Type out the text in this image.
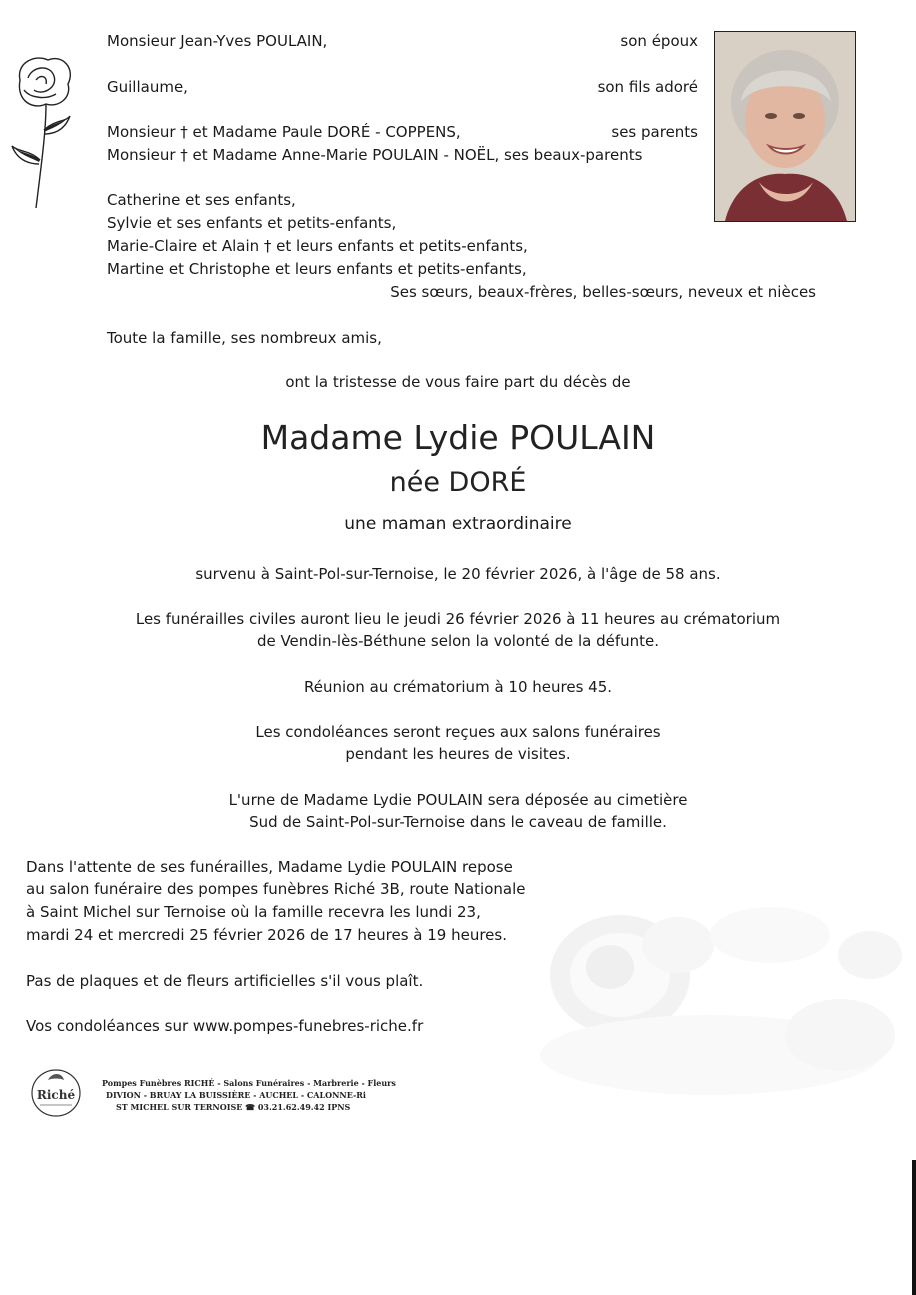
Monsieur Jean-Yves POULAIN,	son époux
Guillaume,	son fils adoré
Monsieur † et Madame Paule DORÉ - COPPENS,	ses parents
Monsieur † et Madame Anne-Marie POULAIN - NOËL, ses beaux-parents
Catherine et ses enfants,
Sylvie et ses enfants et petits-enfants,
Marie-Claire et Alain † et leurs enfants et petits-enfants,
Martine et Christophe et leurs enfants et petits-enfants,
Ses sœurs, beaux-frères, belles-sœurs, neveux et nièces
Toute la famille, ses nombreux amis,
ont la tristesse de vous faire part du décès de
Madame Lydie POULAIN
née DORÉ
une maman extraordinaire
survenu à Saint-Pol-sur-Ternoise, le 20 février 2026, à l'âge de 58 ans.
Les funérailles civiles auront lieu le jeudi 26 février 2026 à 11 heures au crématorium
de Vendin-lès-Béthune selon la volonté de la défunte.
Réunion au crématorium à 10 heures 45.
Les condoléances seront reçues aux salons funéraires
pendant les heures de visites.
L'urne de Madame Lydie POULAIN sera déposée au cimetière
Sud de Saint-Pol-sur-Ternoise dans le caveau de famille.
Dans l'attente de ses funérailles, Madame Lydie POULAIN repose
au salon funéraire des pompes funèbres Riché 3B, route Nationale
à Saint Michel sur Ternoise où la famille recevra les lundi 23,
mardi 24 et mercredi 25 février 2026 de 17 heures à 19 heures.
Pas de plaques et de fleurs artificielles s'il vous plaît.
Vos condoléances sur www.pompes-funebres-riche.fr
Riché
Pompes Funèbres RICHÉ - Salons Funéraires - Marbrerie - Fleurs
DIVION - BRUAY LA BUISSIÈRE - AUCHEL - CALONNE-Ri
ST MICHEL SUR TERNOISE ☎ 03.21.62.49.42 IPNS
